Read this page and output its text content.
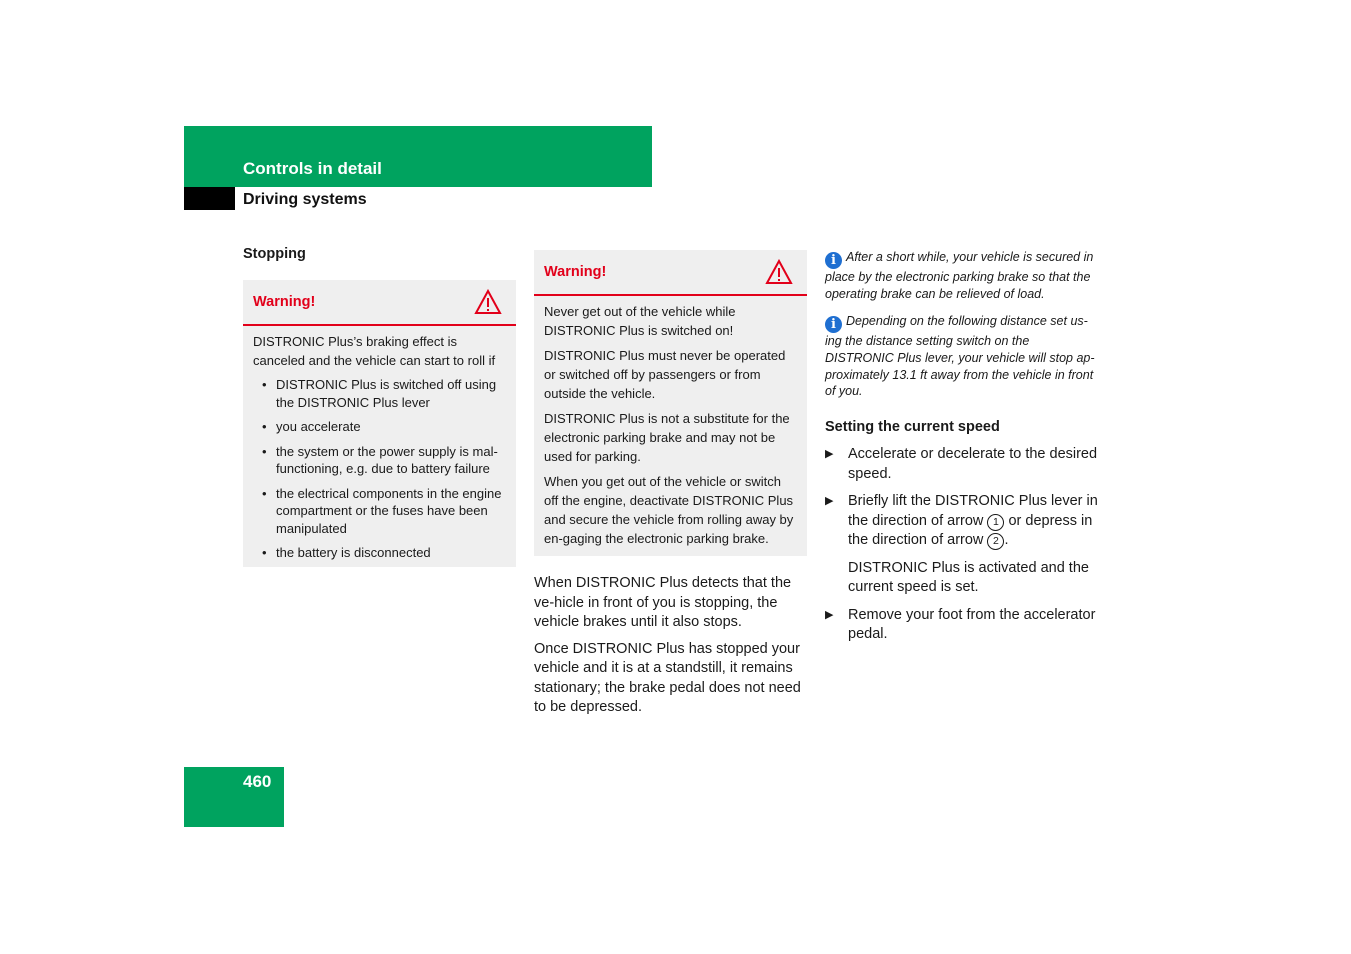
Controls in detail
Driving systems
Stopping
Warning!

DISTRONIC Plus’s braking effect is canceled and the vehicle can start to roll if

• DISTRONIC Plus is switched off using the DISTRONIC Plus lever
• you accelerate
• the system or the power supply is mal-functioning, e.g. due to battery failure
• the electrical components in the engine compartment or the fuses have been manipulated
• the battery is disconnected
Warning!

Never get out of the vehicle while DISTRONIC Plus is switched on!

DISTRONIC Plus must never be operated or switched off by passengers or from outside the vehicle.

DISTRONIC Plus is not a substitute for the electronic parking brake and may not be used for parking.

When you get out of the vehicle or switch off the engine, deactivate DISTRONIC Plus and secure the vehicle from rolling away by en-gaging the electronic parking brake.

When DISTRONIC Plus detects that the ve-hicle in front of you is stopping, the vehicle brakes until it also stops.

Once DISTRONIC Plus has stopped your vehicle and it is at a standstill, it remains stationary; the brake pedal does not need to be depressed.

i After a short while, your vehicle is secured in place by the electronic parking brake so that the operating brake can be relieved of load.
i Depending on the following distance set us-ing the distance setting switch on the DISTRONIC Plus lever, your vehicle will stop ap-proximately 13.1 ft away from the vehicle in front of you.
Setting the current speed
▶ Accelerate or decelerate to the desired speed.
▶ Briefly lift the DISTRONIC Plus lever in the direction of arrow 1 or depress in the direction of arrow 2 .
DISTRONIC Plus is activated and the current speed is set.
▶ Remove your foot from the accelerator pedal.
460
